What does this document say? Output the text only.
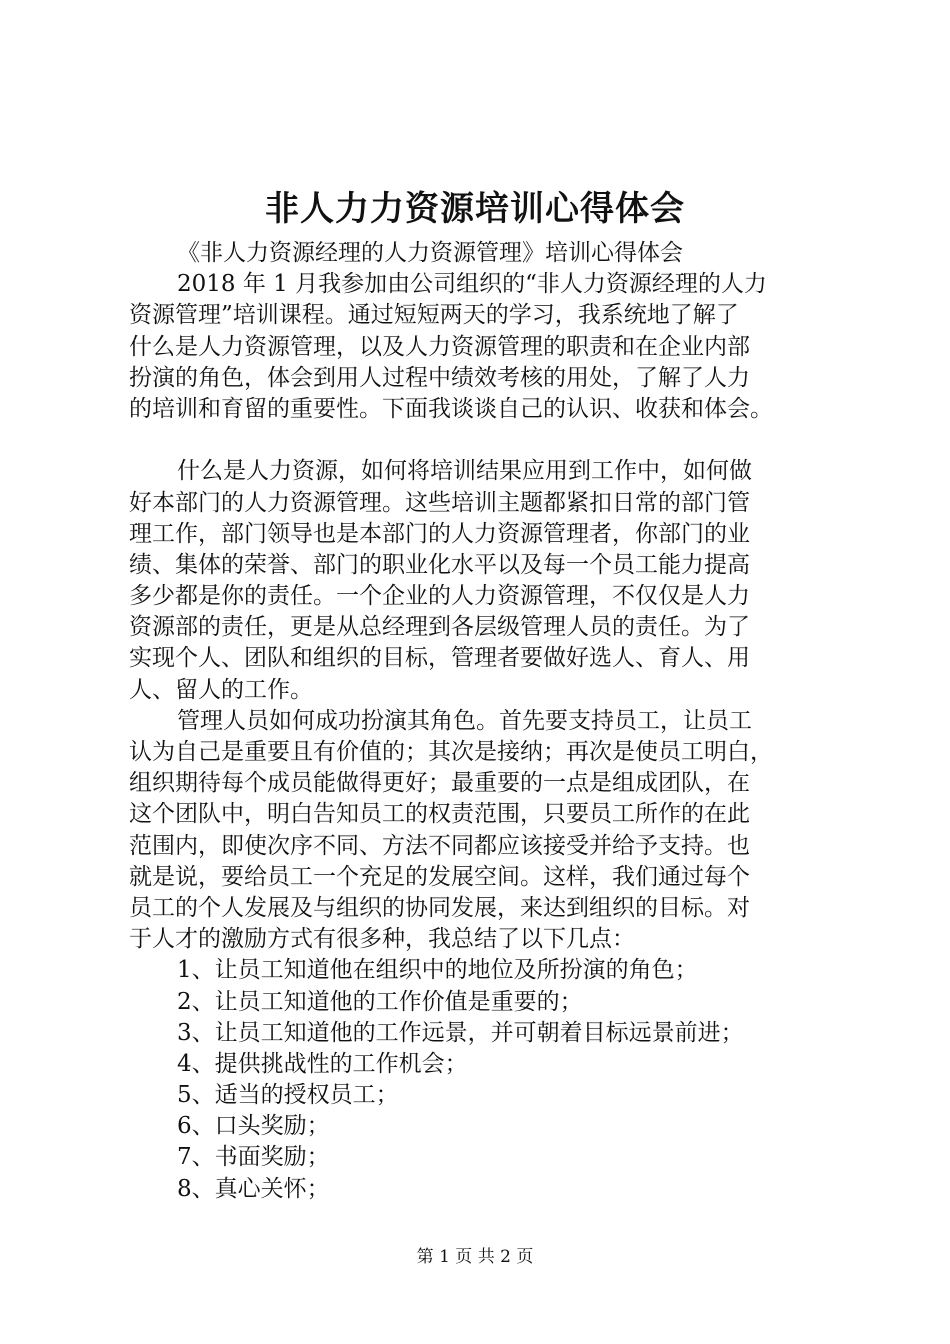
非人力力资源培训心得体会
《非人力资源经理的人力资源管理》培训心得体会
2018 年 1 月我参加由公司组织的“非人力资源经理的人力
资源管理”培训课程。通过短短两天的学习，我系统地了解了
什么是人力资源管理，以及人力资源管理的职责和在企业内部
扮演的角色，体会到用人过程中绩效考核的用处，了解了人力
的培训和育留的重要性。下面我谈谈自己的认识、收获和体会。
什么是人力资源，如何将培训结果应用到工作中，如何做
好本部门的人力资源管理。这些培训主题都紧扣日常的部门管
理工作，部门领导也是本部门的人力资源管理者，你部门的业
绩、集体的荣誉、部门的职业化水平以及每一个员工能力提高
多少都是你的责任。一个企业的人力资源管理，不仅仅是人力
资源部的责任，更是从总经理到各层级管理人员的责任。为了
实现个人、团队和组织的目标，管理者要做好选人、育人、用
人、留人的工作。
管理人员如何成功扮演其角色。首先要支持员工，让员工
认为自己是重要且有价值的；其次是接纳；再次是使员工明白，
组织期待每个成员能做得更好；最重要的一点是组成团队，在
这个团队中，明白告知员工的权责范围，只要员工所作的在此
范围内，即使次序不同、方法不同都应该接受并给予支持。也
就是说，要给员工一个充足的发展空间。这样，我们通过每个
员工的个人发展及与组织的协同发展，来达到组织的目标。对
于人才的激励方式有很多种，我总结了以下几点：
1、让员工知道他在组织中的地位及所扮演的角色；
2、让员工知道他的工作价值是重要的；
3、让员工知道他的工作远景，并可朝着目标远景前进；
4、提供挑战性的工作机会；
5、适当的授权员工；
6、口头奖励；
7、书面奖励；
8、真心关怀；
第 1 页 共 2 页
